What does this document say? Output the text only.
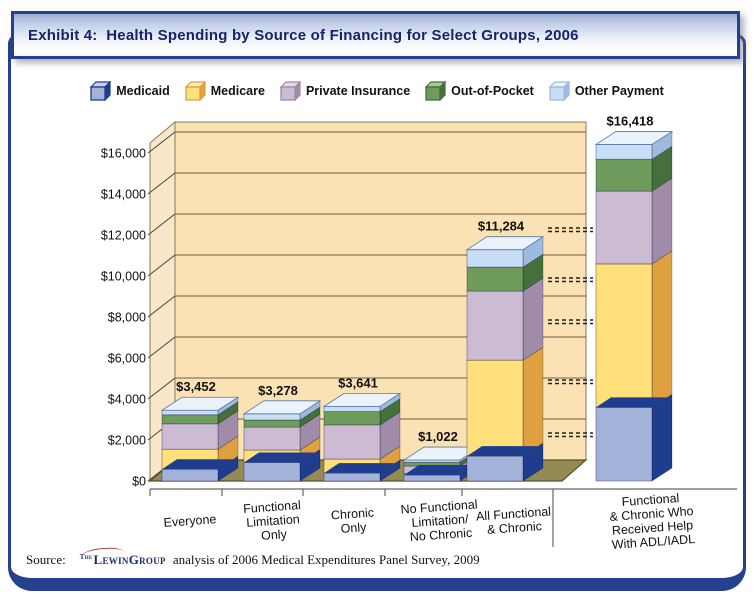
Exhibit 4:  Health Spending by Source of Financing for Select Groups, 2006
Medicaid	Medicare	Private Insurance	Out-of-Pocket	Other Payment
$0
$2,000
$4,000
$6,000
$8,000
$10,000
$12,000
$14,000
$16,000
$3,452	$3,278	$3,641
$1,022
$11,284
$16,418
Everyone
Functional
Limitation
Only
Chronic
Only
No Functional
Limitation/
No Chronic
All Functional
& Chronic
Functional
& Chronic Who
Received Help
With ADL/IADL
Source: $^{The}$LewinGroup analysis of 2006 Medical Expenditures Panel Survey, 2009
